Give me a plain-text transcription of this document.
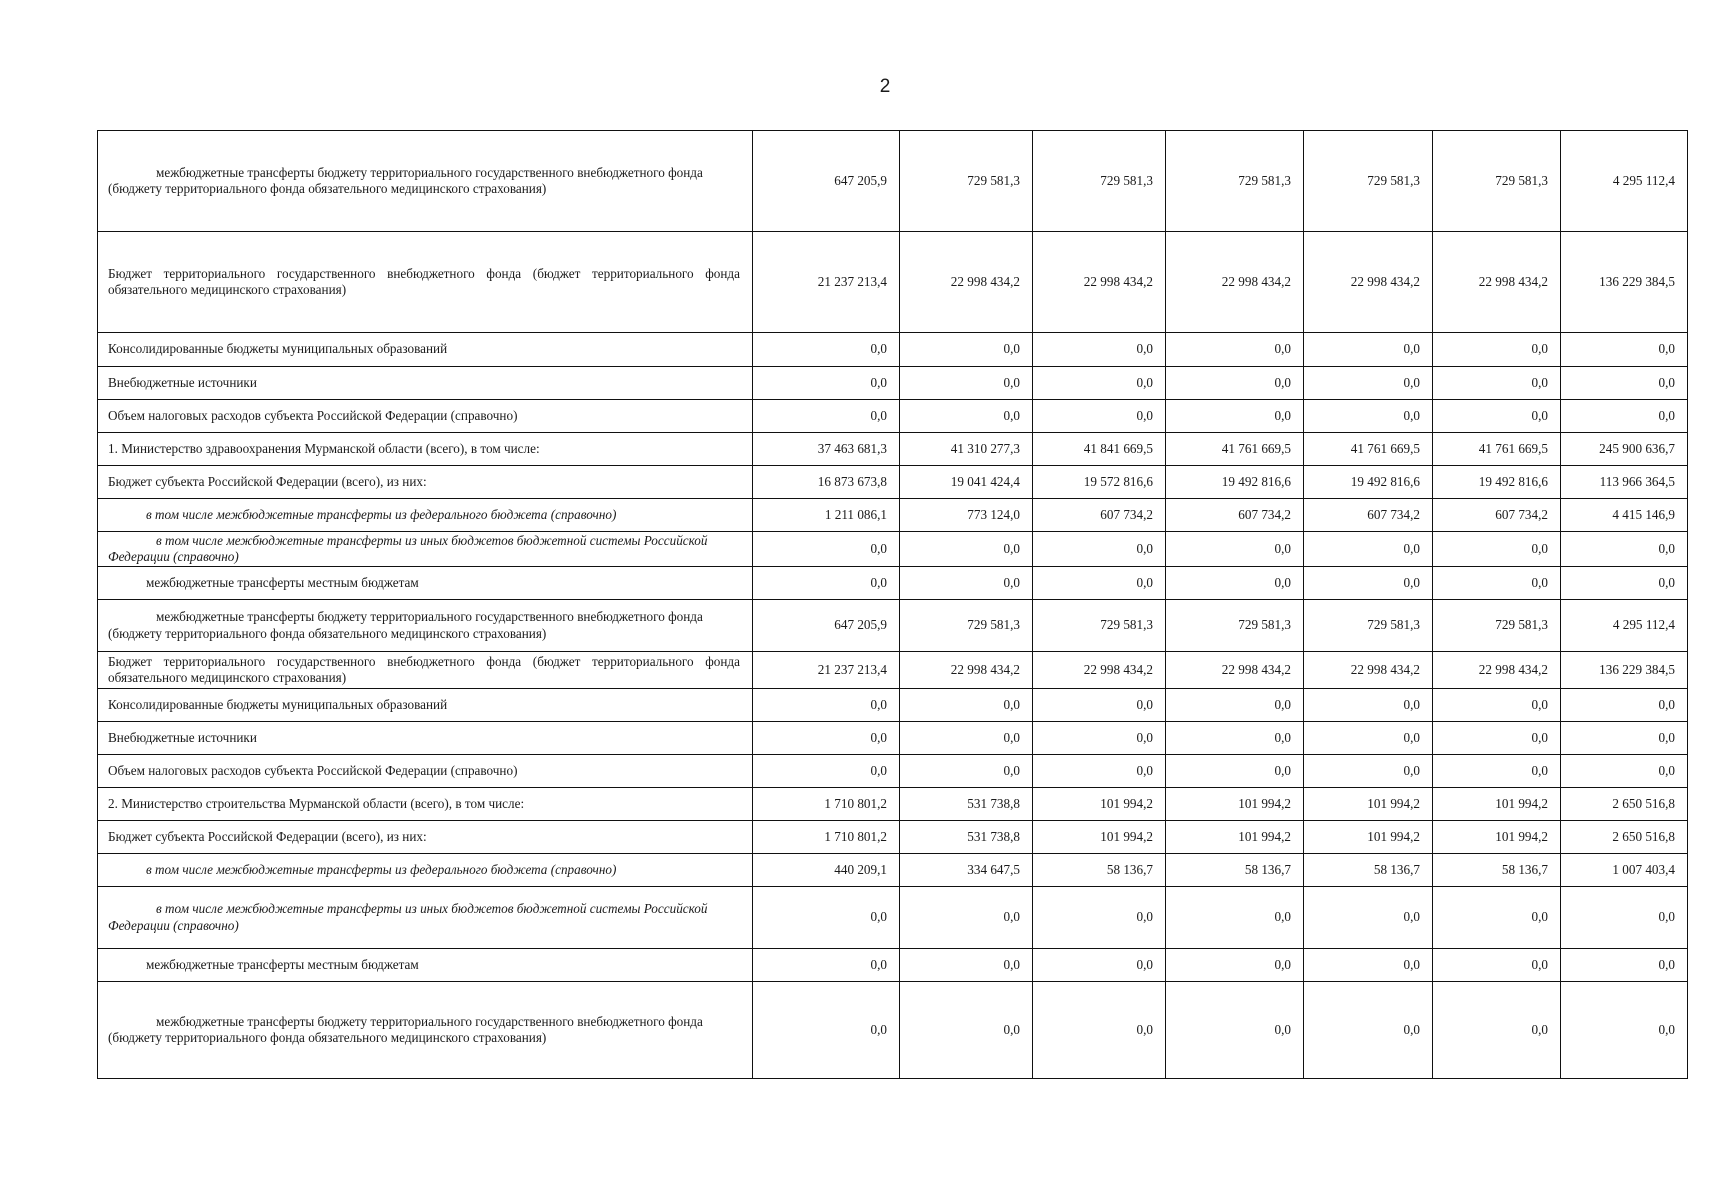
2
межбюджетные трансферты бюджету территориального государственного внебюджетного фонда (бюджету территориального фонда обязательного медицинского страхования)	647 205,9	729 581,3	729 581,3	729 581,3	729 581,3	729 581,3	4 295 112,4
Бюджет территориального государственного внебюджетного фонда (бюджет территориального фонда обязательного медицинского страхования)	21 237 213,4	22 998 434,2	22 998 434,2	22 998 434,2	22 998 434,2	22 998 434,2	136 229 384,5
Консолидированные бюджеты муниципальных образований	0,0	0,0	0,0	0,0	0,0	0,0	0,0
Внебюджетные источники	0,0	0,0	0,0	0,0	0,0	0,0	0,0
Объем налоговых расходов субъекта Российской Федерации (справочно)	0,0	0,0	0,0	0,0	0,0	0,0	0,0
1. Министерство здравоохранения Мурманской области (всего), в том числе:	37 463 681,3	41 310 277,3	41 841 669,5	41 761 669,5	41 761 669,5	41 761 669,5	245 900 636,7
Бюджет субъекта Российской Федерации (всего), из них:	16 873 673,8	19 041 424,4	19 572 816,6	19 492 816,6	19 492 816,6	19 492 816,6	113 966 364,5
в том числе межбюджетные трансферты из федерального бюджета (справочно)	1 211 086,1	773 124,0	607 734,2	607 734,2	607 734,2	607 734,2	4 415 146,9
в том числе межбюджетные трансферты из иных бюджетов бюджетной системы Российской Федерации (справочно)	0,0	0,0	0,0	0,0	0,0	0,0	0,0
межбюджетные трансферты местным бюджетам	0,0	0,0	0,0	0,0	0,0	0,0	0,0
межбюджетные трансферты бюджету территориального государственного внебюджетного фонда (бюджету территориального фонда обязательного медицинского страхования)	647 205,9	729 581,3	729 581,3	729 581,3	729 581,3	729 581,3	4 295 112,4
Бюджет территориального государственного внебюджетного фонда (бюджет территориального фонда обязательного медицинского страхования)	21 237 213,4	22 998 434,2	22 998 434,2	22 998 434,2	22 998 434,2	22 998 434,2	136 229 384,5
Консолидированные бюджеты муниципальных образований	0,0	0,0	0,0	0,0	0,0	0,0	0,0
Внебюджетные источники	0,0	0,0	0,0	0,0	0,0	0,0	0,0
Объем налоговых расходов субъекта Российской Федерации (справочно)	0,0	0,0	0,0	0,0	0,0	0,0	0,0
2. Министерство строительства Мурманской области (всего), в том числе:	1 710 801,2	531 738,8	101 994,2	101 994,2	101 994,2	101 994,2	2 650 516,8
Бюджет субъекта Российской Федерации (всего), из них:	1 710 801,2	531 738,8	101 994,2	101 994,2	101 994,2	101 994,2	2 650 516,8
в том числе межбюджетные трансферты из федерального бюджета (справочно)	440 209,1	334 647,5	58 136,7	58 136,7	58 136,7	58 136,7	1 007 403,4
в том числе межбюджетные трансферты из иных бюджетов бюджетной системы Российской Федерации (справочно)	0,0	0,0	0,0	0,0	0,0	0,0	0,0
межбюджетные трансферты местным бюджетам	0,0	0,0	0,0	0,0	0,0	0,0	0,0
межбюджетные трансферты бюджету территориального государственного внебюджетного фонда (бюджету территориального фонда обязательного медицинского страхования)	0,0	0,0	0,0	0,0	0,0	0,0	0,0
